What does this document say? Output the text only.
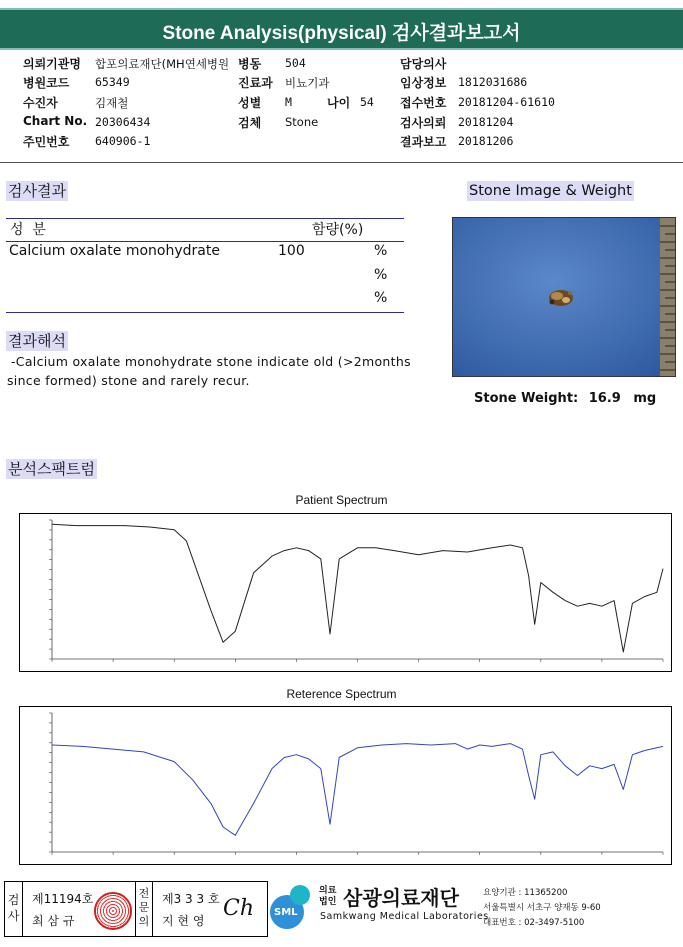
Stone Analysis(physical) 검사결과보고서
의뢰기관명 합포의료재단(MH연세병원 병동 504	담당의사
병원코드 65349	진료과 비뇨기과	임상정보 1812031686
수진자	김재철	성별 M	나이 54 접수번호 20181204-61610
Chart No. 20306434	검체 Stone	검사의뢰 20181204
주민번호 640906-1	결과보고 20181206
검사결과
성  분	함량(%)
Calcium oxalate monohydrate	100	%
%
%
Stone Image & Weight
Stone Weight: 16.9 mg
결과해석
-Calcium oxalate monohydrate stone indicate old (>2months
since formed) stone and rarely recur.
분석스팩트럼
Patient Spectrum
Reterence Spectrum
검
사
제11194호
최 삼 규
전
문
의
제3 3 3 호
지 현 영 Ch SML
의료
법인 삼광의료재단
Samkwang Medical Laboratories
요양기관 : 11365200
서울특별시 서초구 양재동 9-60
대표번호 : 02-3497-5100
